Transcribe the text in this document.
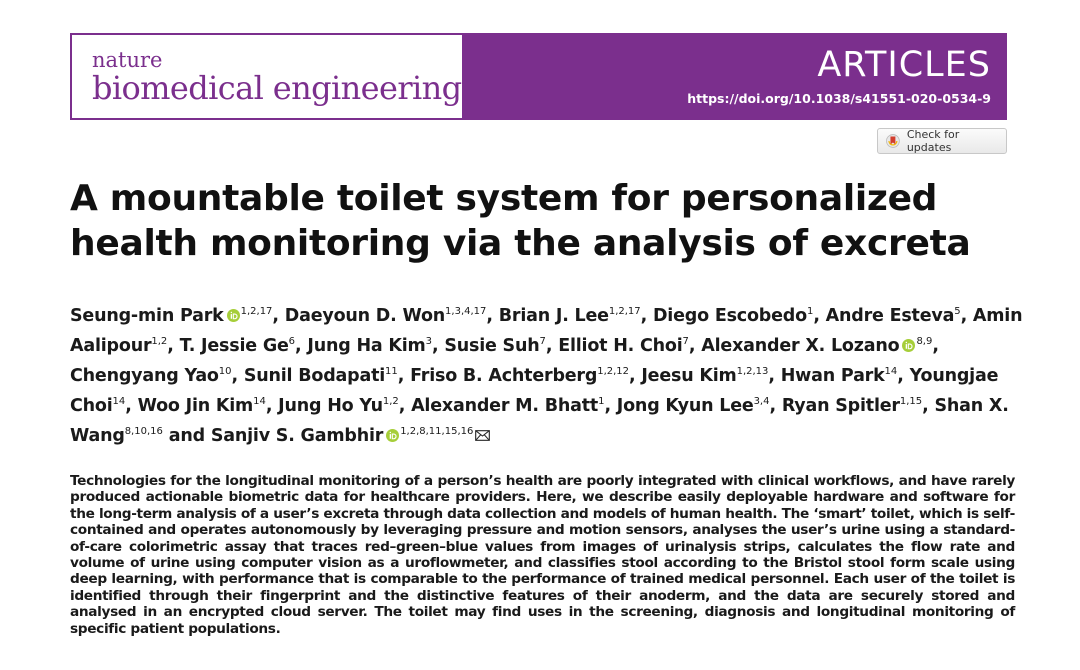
nature
biomedical engineering
ARTICLES
https://doi.org/10.1038/s41551-020-0534-9
Check for updates
A mountable toilet system for personalized health monitoring via the analysis of excreta
Seung-min Park $^{1,2,17}$, Daeyoun D. Won$^{1,3,4,17}$, Brian J. Lee$^{1,2,17}$, Diego Escobedo$^1$, Andre Esteva$^5$, Amin Aalipour$^{1,2}$, T. Jessie Ge$^6$, Jung Ha Kim$^3$, Susie Suh$^7$, Elliot H. Choi$^7$, Alexander X. Lozano $^{8,9}$, Chengyang Yao$^{10}$, Sunil Bodapati$^{11}$, Friso B. Achterberg$^{1,2,12}$, Jeesu Kim$^{1,2,13}$, Hwan Park$^{14}$, Youngjae Choi$^{14}$, Woo Jin Kim$^{14}$, Jung Ho Yu$^{1,2}$, Alexander M. Bhatt$^1$, Jong Kyun Lee$^{3,4}$, Ryan Spitler$^{1,15}$, Shan X. Wang$^{8,10,16}$ and Sanjiv S. Gambhir $^{1,2,8,11,15,16}$

Technologies for the longitudinal monitoring of a person’s health are poorly integrated with clinical workflows, and have rarely produced actionable biometric data for healthcare providers. Here, we describe easily deployable hardware and software for the long-term analysis of a user’s excreta through data collection and models of human health. The ‘smart’ toilet, which is self-contained and operates autonomously by leveraging pressure and motion sensors, analyses the user’s urine using a standard-of-care colorimetric assay that traces red–green–blue values from images of urinalysis strips, calculates the flow rate and volume of urine using computer vision as a uroflowmeter, and classifies stool according to the Bristol stool form scale using deep learning, with performance that is comparable to the performance of trained medical personnel. Each user of the toilet is identified through their fingerprint and the distinctive features of their anoderm, and the data are securely stored and analysed in an encrypted cloud server. The toilet may find uses in the screening, diagnosis and longitudinal monitoring of specific patient populations.
